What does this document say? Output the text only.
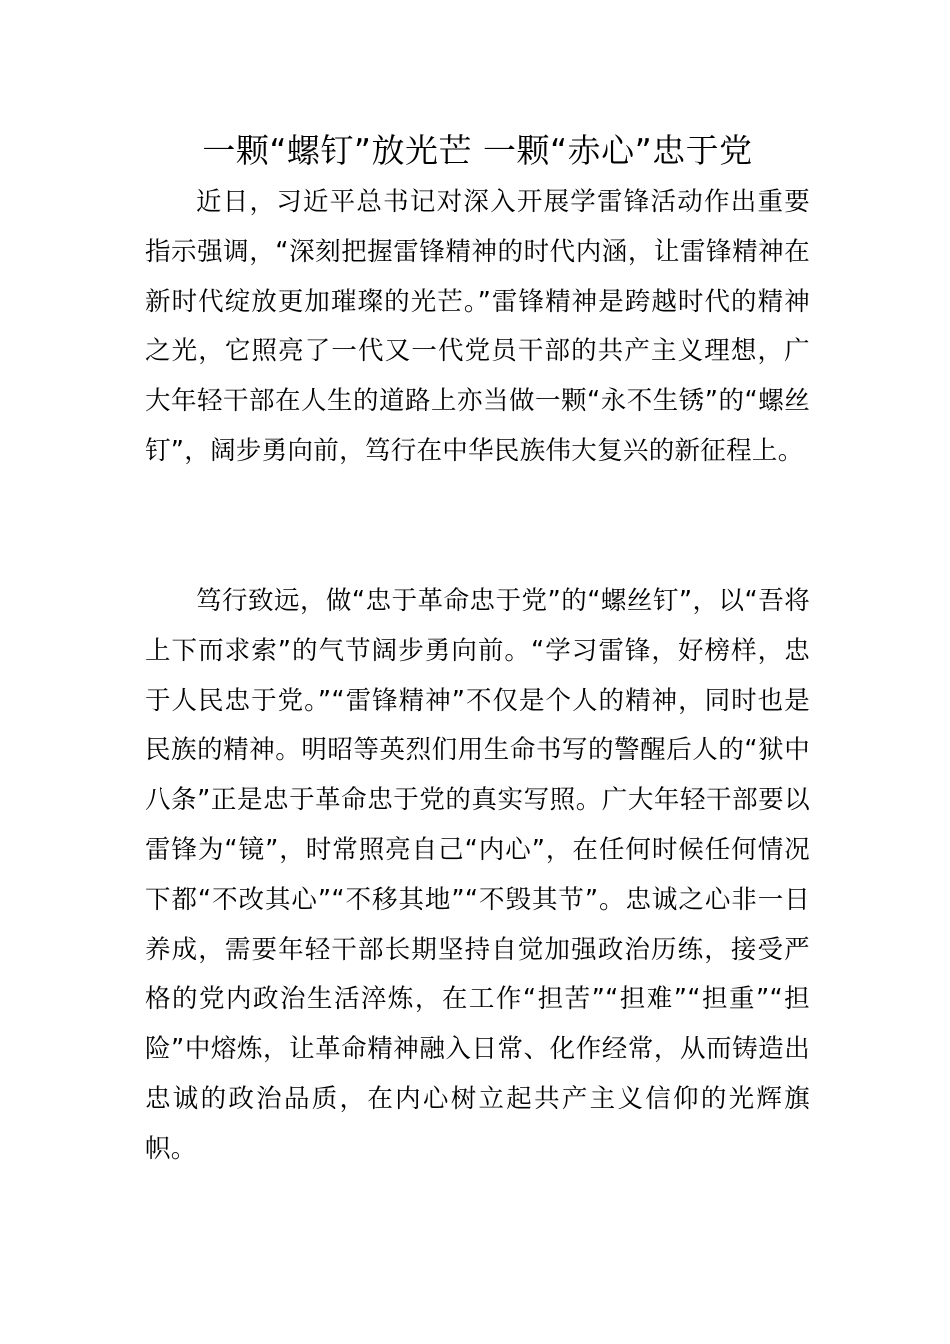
一颗“螺钉”放光芒 一颗“赤心”忠于党

近日，习近平总书记对深入开展学雷锋活动作出重要指示强调，“深刻把握雷锋精神的时代内涵，让雷锋精神在新时代绽放更加璀璨的光芒。”雷锋精神是跨越时代的精神之光，它照亮了一代又一代党员干部的共产主义理想，广大年轻干部在人生的道路上亦当做一颗“永不生锈”的“螺丝钉”，阔步勇向前，笃行在中华民族伟大复兴的新征程上。

笃行致远，做“忠于革命忠于党”的“螺丝钉”，以“吾将上下而求索”的气节阔步勇向前。“学习雷锋，好榜样，忠于人民忠于党。”“雷锋精神”不仅是个人的精神，同时也是民族的精神。明昭等英烈们用生命书写的警醒后人的“狱中八条”正是忠于革命忠于党的真实写照。广大年轻干部要以雷锋为“镜”，时常照亮自己“内心”，在任何时候任何情况下都“不改其心”“不移其地”“不毁其节”。忠诚之心非一日养成，需要年轻干部长期坚持自觉加强政治历练，接受严格的党内政治生活淬炼，在工作“担苦”“担难”“担重”“担险”中熔炼，让革命精神融入日常、化作经常，从而铸造出忠诚的政治品质，在内心树立起共产主义信仰的光辉旗帜。
